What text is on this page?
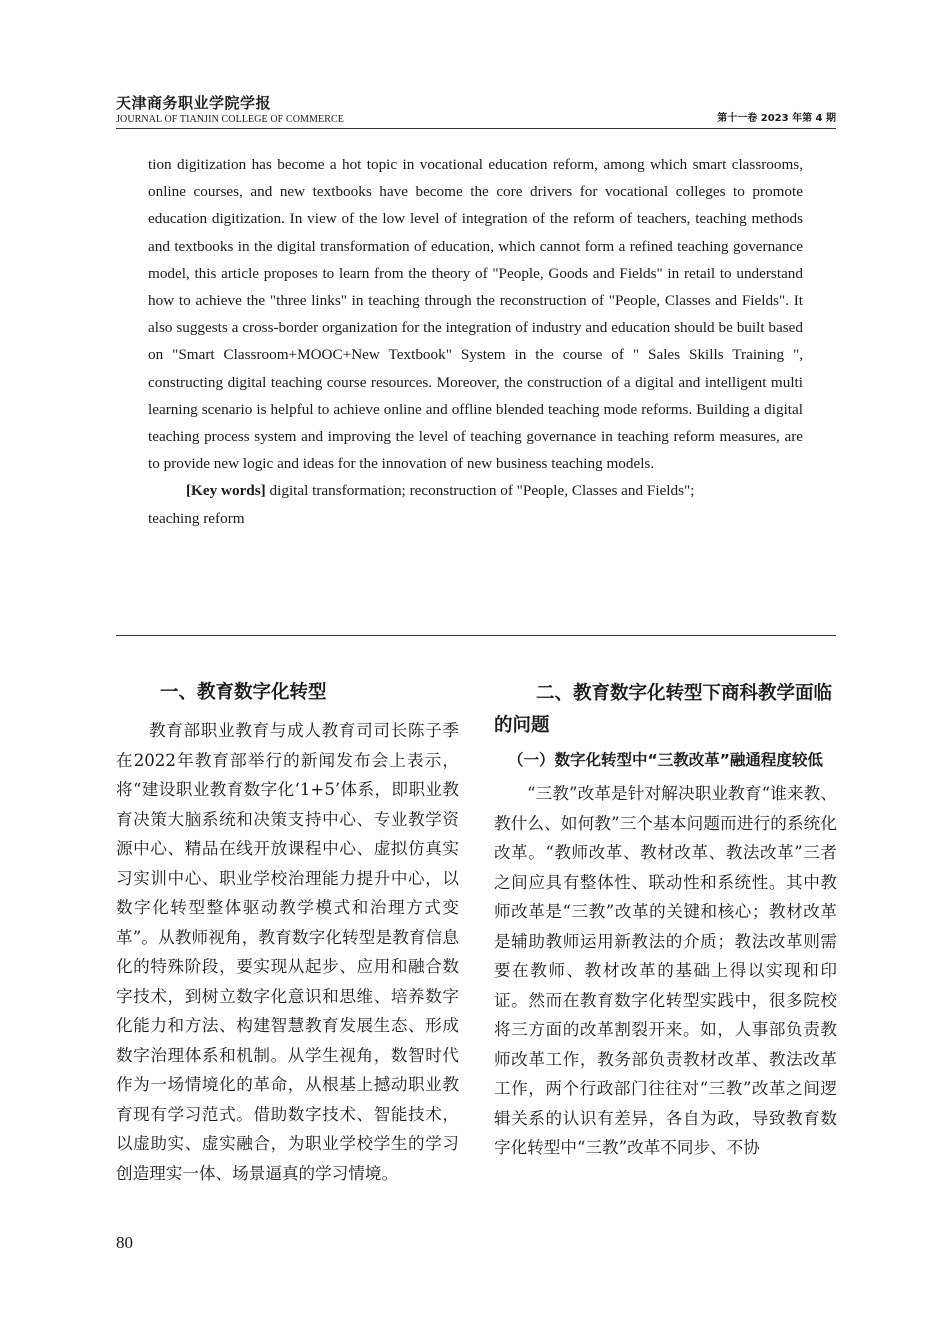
天津商务职业学院学报
JOURNAL OF TIANJIN COLLEGE OF COMMERCE	第十一卷 2023 年第 4 期

tion digitization has become a hot topic in vocational education reform, among which smart classrooms, online courses, and new textbooks have become the core drivers for vocational colleges to promote education digitization. In view of the low level of integration of the reform of teachers, teaching methods and textbooks in the digital transformation of education, which cannot form a refined teaching governance model, this article proposes to learn from the theory of "People, Goods and Fields" in retail to understand how to achieve the "three links" in teaching through the reconstruction of "People, Classes and Fields". It also suggests a cross-border organization for the integration of industry and education should be built based on "Smart Classroom+MOOC+New Textbook" System in the course of " Sales Skills Training ", constructing digital teaching course resources. Moreover, the construction of a digital and intelligent multi learning scenario is helpful to achieve online and offline blended teaching mode reforms. Building a digital teaching process system and improving the level of teaching governance in teaching reform measures, are to provide new logic and ideas for the innovation of new business teaching models.

[Key words] digital transformation; reconstruction of "People, Classes and Fields";

teaching reform

一、教育数字化转型

教育部职业教育与成人教育司司长陈子季在2022年教育部举行的新闻发布会上表示，将“建设职业教育数字化‘1+5’体系，即职业教育决策大脑系统和决策支持中心、专业教学资源中心、精品在线开放课程中心、虚拟仿真实习实训中心、职业学校治理能力提升中心，以数字化转型整体驱动教学模式和治理方式变革”。从教师视角，教育数字化转型是教育信息化的特殊阶段，要实现从起步、应用和融合数字技术，到树立数字化意识和思维、培养数字化能力和方法、构建智慧教育发展生态、形成数字治理体系和机制。从学生视角，数智时代作为一场情境化的革命，从根基上撼动职业教育现有学习范式。借助数字技术、智能技术，以虚助实、虚实融合，为职业学校学生的学习创造理实一体、场景逼真的学习情境。

二、教育数字化转型下商科教学面临的问题
（一）数字化转型中“三教改革”融通程度较低

“三教”改革是针对解决职业教育“谁来教、教什么、如何教”三个基本问题而进行的系统化改革。“教师改革、教材改革、教法改革”三者之间应具有整体性、联动性和系统性。其中教师改革是“三教”改革的关键和核心；教材改革是辅助教师运用新教法的介质；教法改革则需要在教师、教材改革的基础上得以实现和印证。然而在教育数字化转型实践中，很多院校将三方面的改革割裂开来。如，人事部负责教师改革工作，教务部负责教材改革、教法改革工作，两个行政部门往往对“三教”改革之间逻辑关系的认识有差异，各自为政，导致教育数字化转型中“三教”改革不同步、不协

80
